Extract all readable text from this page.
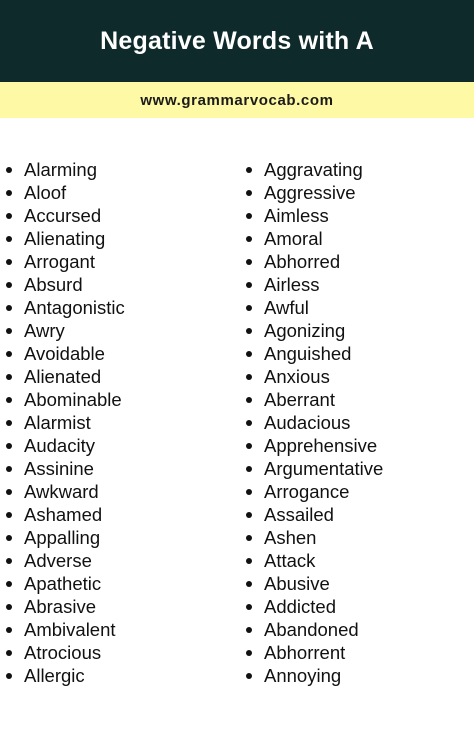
Negative Words with A
www.grammarvocab.com
Alarming
Aloof
Accursed
Alienating
Arrogant
Absurd
Antagonistic
Awry
Avoidable
Alienated
Abominable
Alarmist
Audacity
Assinine
Awkward
Ashamed
Appalling
Adverse
Apathetic
Abrasive
Ambivalent
Atrocious
Allergic
Aggravating
Aggressive
Aimless
Amoral
Abhorred
Airless
Awful
Agonizing
Anguished
Anxious
Aberrant
Audacious
Apprehensive
Argumentative
Arrogance
Assailed
Ashen
Attack
Abusive
Addicted
Abandoned
Abhorrent
Annoying
